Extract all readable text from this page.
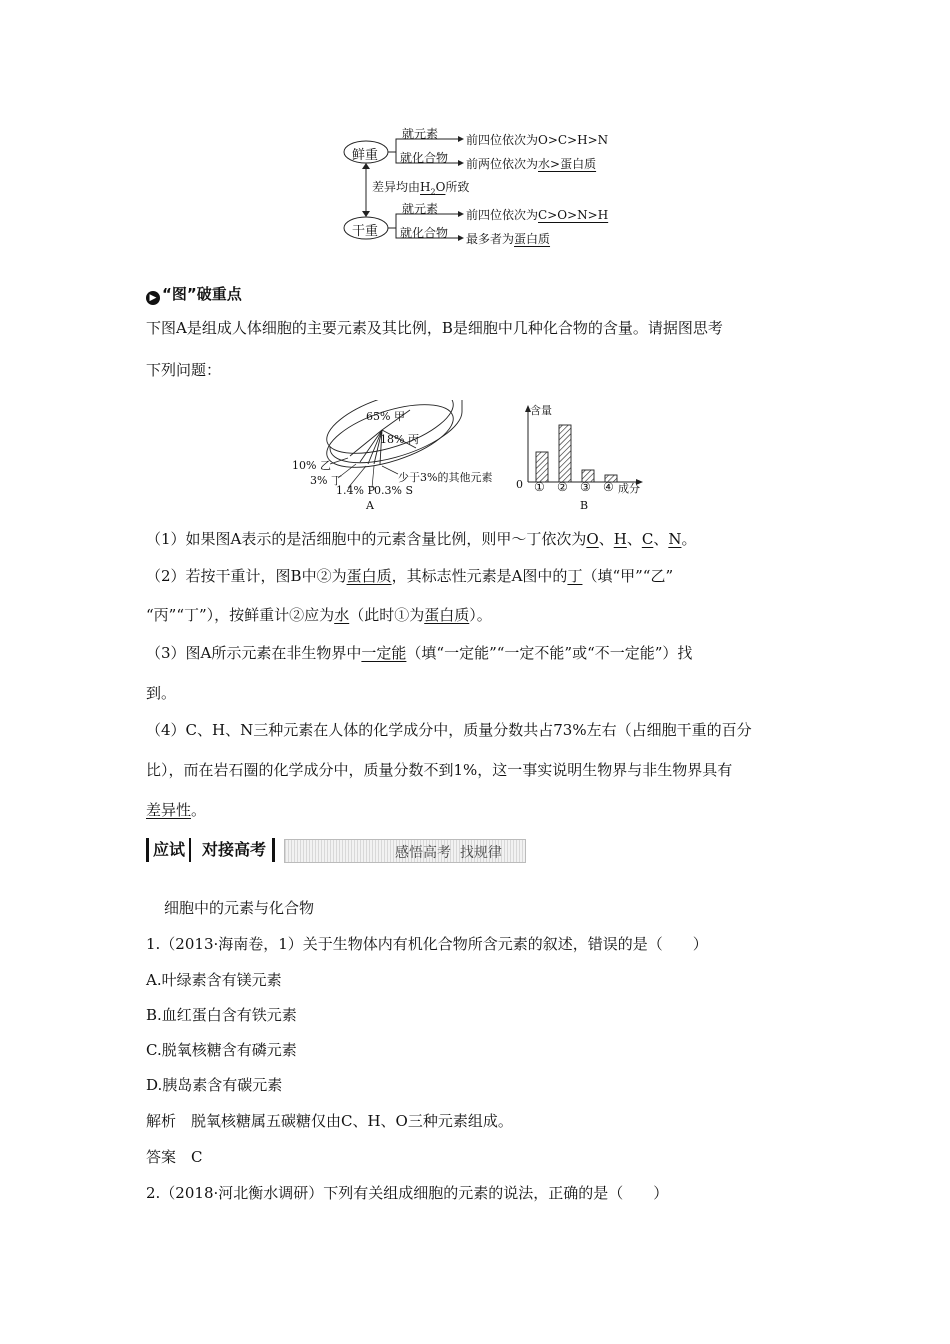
鲜重
干重
就元素
就化合物
前四位依次为O>C>H>N
前两位依次为水>蛋白质
差异均由$H_2O$所致
就元素
就化合物
前四位依次为C>O>N>H
最多者为蛋白质
▶ “图”破重点
下图A是组成人体细胞的主要元素及其比例，B是细胞中几种化合物的含量。请据图思考
下列问题：
65% 甲
18% 丙
10% 乙
3% 丁
1.4% P 0.3% S
少于3%的其他元素
A
含量
0 ① ② ③ ④ 成分
B
（1）如果图A表示的是活细胞中的元素含量比例，则甲～丁依次为O、H、C、N。
（2）若按干重计，图B中②为蛋白质，其标志性元素是A图中的丁（填“甲”“乙”
“丙”“丁”），按鲜重计②应为水（此时①为蛋白质）。
（3）图A所示元素在非生物界中一定能（填“一定能”“一定不能”或“不一定能”）找
到。
（4）C、H、N三种元素在人体的化学成分中，质量分数共占73%左右（占细胞干重的百分
比），而在岩石圈的化学成分中，质量分数不到1%，这一事实说明生物界与非生物界具有
差异性。
应试	对接高考	感悟高考  找规律
细胞中的元素与化合物
1.（2013·海南卷，1）关于生物体内有机化合物所含元素的叙述，错误的是（　　）
A.叶绿素含有镁元素
B.血红蛋白含有铁元素
C.脱氧核糖含有磷元素
D.胰岛素含有碳元素
解析　脱氧核糖属五碳糖仅由C、H、O三种元素组成。
答案　C
2.（2018·河北衡水调研）下列有关组成细胞的元素的说法，正确的是（　　）
